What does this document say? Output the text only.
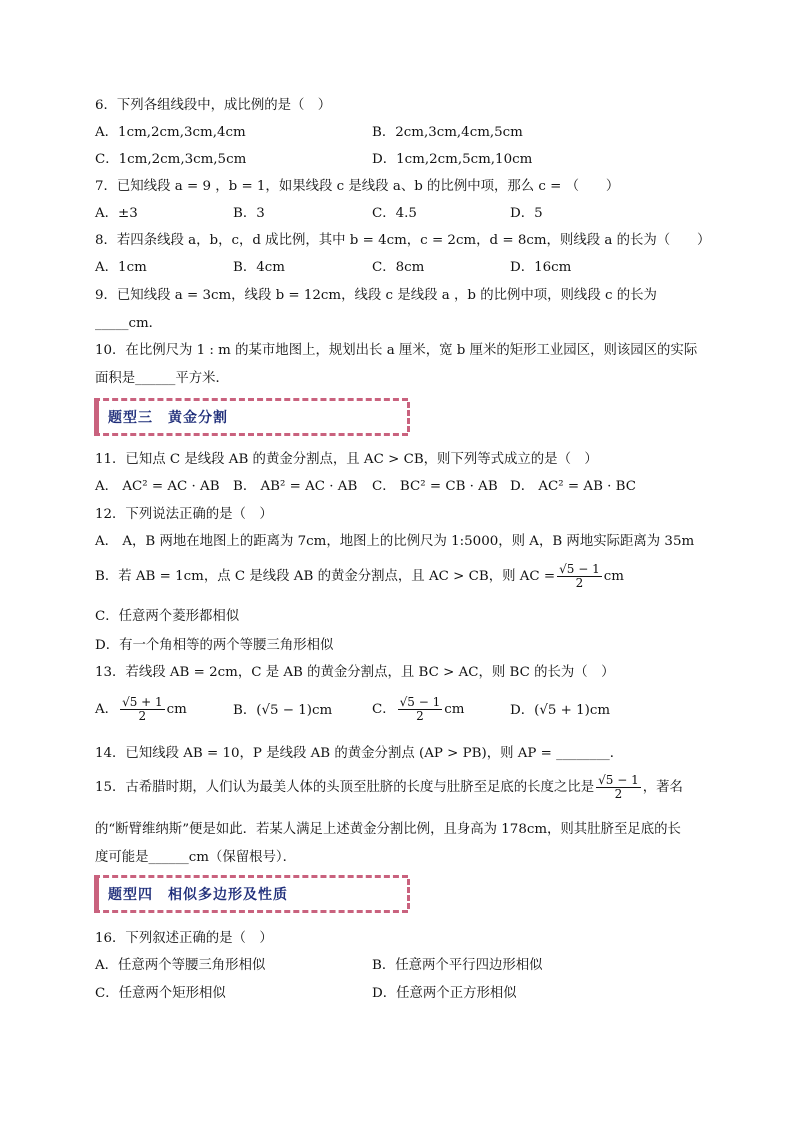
6．下列各组线段中，成比例的是（　）
A．1cm,2cm,3cm,4cm	B．2cm,3cm,4cm,5cm
C．1cm,2cm,3cm,5cm	D．1cm,2cm,5cm,10cm
7．已知线段 a = 9 ，b = 1，如果线段 c 是线段 a、b 的比例中项，那么 c = （　　）
A．±3	B．3	C．4.5	D．5
8．若四条线段 a，b，c，d 成比例，其中 b = 4cm，c = 2cm，d = 8cm，则线段 a 的长为（　　）
A．1cm	B．4cm	C．8cm	D．16cm
9．已知线段 a = 3cm，线段 b = 12cm，线段 c 是线段 a ，b 的比例中项，则线段 c 的长为
_____cm．
10．在比例尺为 1 : m 的某市地图上，规划出长 a 厘米，宽 b 厘米的矩形工业园区，则该园区的实际
面积是______平方米．
题型三　黄金分割
11．已知点 C 是线段 AB 的黄金分割点，且 AC > CB，则下列等式成立的是（　）
A． AC² = AC · AB B． AB² = AC · AB C． BC² = CB · AB D． AC² = AB · BC
12．下列说法正确的是（　）
A． A，B 两地在地图上的距离为 7cm，地图上的比例尺为 1:5000，则 A，B 两地实际距离为 35m
B．若 AB = 1cm，点 C 是线段 AB 的黄金分割点，且 AC > CB，则 AC = $\frac{√5 - 1}{2}$ cm
C．任意两个菱形都相似
D．有一个角相等的两个等腰三角形相似
13．若线段 AB = 2cm，C 是 AB 的黄金分割点，且 BC > AC，则 BC 的长为（　）
A． $\frac{√5 + 1}{2}$ cm	B．(√5 − 1)cm	C． $\frac{√5 - 1}{2}$ cm	D．(√5 + 1)cm
14．已知线段 AB = 10，P 是线段 AB 的黄金分割点 (AP > PB)，则 AP = ________．
15．古希腊时期，人们认为最美人体的头顶至肚脐的长度与肚脐至足底的长度之比是 $\frac{√5 - 1}{2}$ ，著名
的“断臂维纳斯”便是如此．若某人满足上述黄金分割比例，且身高为 178cm，则其肚脐至足底的长
度可能是______cm（保留根号）．
题型四　相似多边形及性质
16．下列叙述正确的是（　）
A．任意两个等腰三角形相似	B．任意两个平行四边形相似
C．任意两个矩形相似	D．任意两个正方形相似
